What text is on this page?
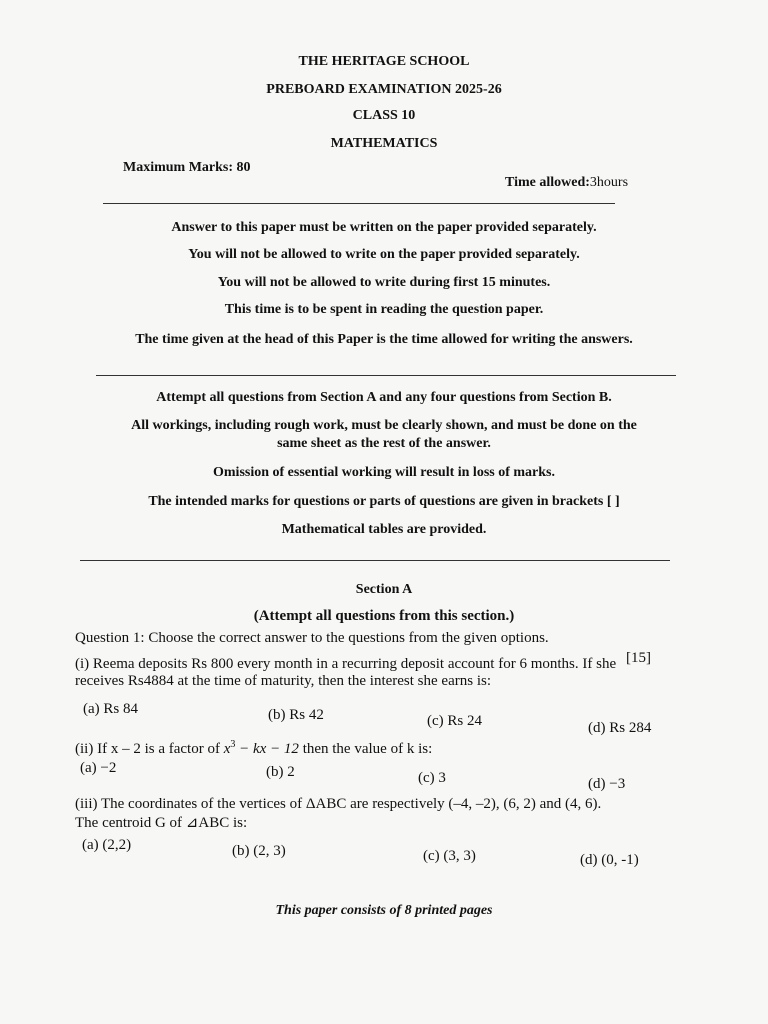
THE HERITAGE SCHOOL
PREBOARD EXAMINATION 2025-26
CLASS 10
MATHEMATICS
Maximum Marks: 80
Time allowed:3hours
Answer to this paper must be written on the paper provided separately.
You will not be allowed to write on the paper provided separately.
You will not be allowed to write during first 15 minutes.
This time is to be spent in reading the question paper.
The time given at the head of this Paper is the time allowed for writing the answers.
Attempt all questions from Section A and any four questions from Section B.
All workings, including rough work, must be clearly shown, and must be done on the
same sheet as the rest of the answer.
Omission of essential working will result in loss of marks.
The intended marks for questions or parts of questions are given in brackets [ ]
Mathematical tables are provided.
Section A
(Attempt all questions from this section.)
Question 1: Choose the correct answer to the questions from the given options.
[15]
(i) Reema deposits Rs 800 every month in a recurring deposit account for 6 months. If she
receives Rs4884 at the time of maturity, then the interest she earns is:
(a) Rs 84	(b) Rs 42	(c) Rs 24	(d) Rs 284
(ii) If x – 2 is a factor of $x^3$ − kx − 12 then the value of k is:
(a) −2	(b) 2	(c) 3	(d) −3
(iii) The coordinates of the vertices of ΔABC are respectively (–4, –2), (6, 2) and (4, 6).
The centroid G of ⊿ABC is:
(a) (2,2)	(b) (2, 3)	(c) (3, 3)	(d) (0, -1)
This paper consists of 8 printed pages
